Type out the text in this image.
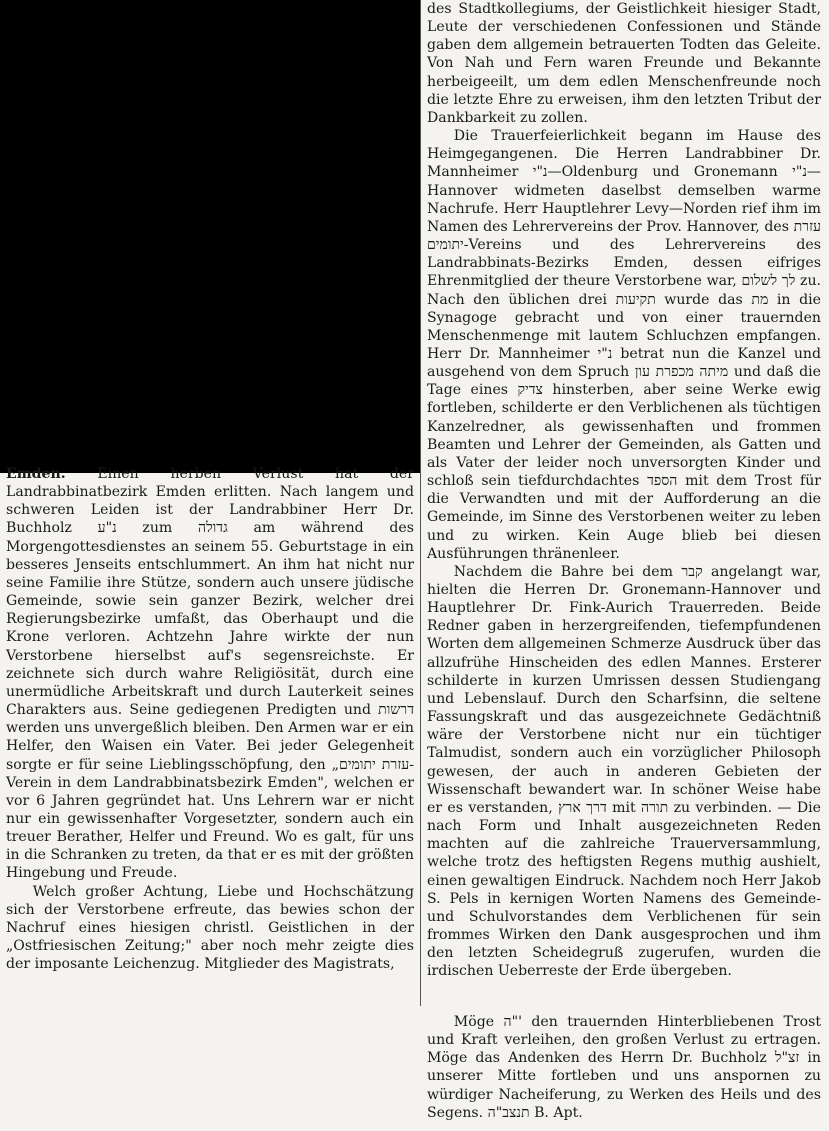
Emden. Einen herben Verlust hat der Landrabbinatbezirk Emden erlitten. Nach langem und schweren Leiden ist der Landrabbiner Herr Dr. Buchholz נ"ע zum גדולה am während des Morgengottesdienstes an seinem 55. Geburtstage in ein besseres Jenseits entschlummert. An ihm hat nicht nur seine Familie ihre Stütze, sondern auch unsere jüdische Gemeinde, sowie sein ganzer Bezirk, welcher drei Regierungsbezirke umfaßt, das Oberhaupt und die Krone verloren. Achtzehn Jahre wirkte der nun Verstorbene hierselbst auf's segensreichste. Er zeichnete sich durch wahre Religiösität, durch eine unermüdliche Arbeitskraft und durch Lauterkeit seines Charakters aus. Seine gediegenen Predigten und דרשות werden uns unvergeßlich bleiben. Den Armen war er ein Helfer, den Waisen ein Vater. Bei jeder Gelegenheit sorgte er für seine Lieblingsschöpfung, den „עזרת יתומים-Verein in dem Landrabbinatsbezirk Emden", welchen er vor 6 Jahren gegründet hat. Uns Lehrern war er nicht nur ein gewissenhafter Vorgesetzter, sondern auch ein treuer Berather, Helfer und Freund. Wo es galt, für uns in die Schranken zu treten, da that er es mit der größten Hingebung und Freude.

Welch großer Achtung, Liebe und Hochschätzung sich der Verstorbene erfreute, das bewies schon der Nachruf eines hiesigen christl. Geistlichen in der „Ostfriesischen Zeitung;" aber noch mehr zeigte dies der imposante Leichenzug. Mitglieder des Magistrats,

des Stadtkollegiums, der Geistlichkeit hiesiger Stadt, Leute der verschiedenen Confessionen und Stände gaben dem allgemein betrauerten Todten das Geleite. Von Nah und Fern waren Freunde und Bekannte herbeigeeilt, um dem edlen Menschenfreunde noch die letzte Ehre zu erweisen, ihm den letzten Tribut der Dankbarkeit zu zollen.

Die Trauerfeierlichkeit begann im Hause des Heimgegangenen. Die Herren Landrabbiner Dr. Mannheimer נ"י—Oldenburg und Gronemann נ"י—Hannover widmeten daselbst demselben warme Nachrufe. Herr Hauptlehrer Levy—Norden rief ihm im Namen des Lehrervereins der Prov. Hannover, des עזרת יתומים-Vereins und des Lehrervereins des Landrabbinats-Bezirks Emden, dessen eifriges Ehrenmitglied der theure Verstorbene war, לך לשלום zu. Nach den üblichen drei תקיעות wurde das מת in die Synagoge gebracht und von einer trauernden Menschenmenge mit lautem Schluchzen empfangen. Herr Dr. Mannheimer נ"י betrat nun die Kanzel und ausgehend von dem Spruch מיתה מכפרת עון und daß die Tage eines צדיק hinsterben, aber seine Werke ewig fortleben, schilderte er den Verblichenen als tüchtigen Kanzelredner, als gewissenhaften und frommen Beamten und Lehrer der Gemeinden, als Gatten und als Vater der leider noch unversorgten Kinder und schloß sein tiefdurchdachtes הספד mit dem Trost für die Verwandten und mit der Aufforderung an die Gemeinde, im Sinne des Verstorbenen weiter zu leben und zu wirken. Kein Auge blieb bei diesen Ausführungen thränenleer.

Nachdem die Bahre bei dem קבר angelangt war, hielten die Herren Dr. Gronemann-Hannover und Hauptlehrer Dr. Fink-Aurich Trauerreden. Beide Redner gaben in herzergreifenden, tiefempfundenen Worten dem allgemeinen Schmerze Ausdruck über das allzufrühe Hinscheiden des edlen Mannes. Ersterer schilderte in kurzen Umrissen dessen Studiengang und Lebenslauf. Durch den Scharfsinn, die seltene Fassungskraft und das ausgezeichnete Gedächtniß wäre der Verstorbene nicht nur ein tüchtiger Talmudist, sondern auch ein vorzüglicher Philosoph gewesen, der auch in anderen Gebieten der Wissenschaft bewandert war. In schöner Weise habe er es verstanden, דרך ארץ mit תורה zu verbinden. — Die nach Form und Inhalt ausgezeichneten Reden machten auf die zahlreiche Trauerversammlung, welche trotz des heftigsten Regens muthig aushielt, einen gewaltigen Eindruck. Nachdem noch Herr Jakob S. Pels in kernigen Worten Namens des Gemeinde- und Schulvorstandes dem Verblichenen für sein frommes Wirken den Dank ausgesprochen und ihm den letzten Scheidegruß zugerufen, wurden die irdischen Ueberreste der Erde übergeben.

Möge ה"' den trauernden Hinterbliebenen Trost und Kraft verleihen, den großen Verlust zu ertragen. Möge das Andenken des Herrn Dr. Buchholz זצ"ל in unserer Mitte fortleben und uns anspornen zu würdiger Nacheiferung, zu Werken des Heils und des Segens. תנצב"ה B. Apt.
